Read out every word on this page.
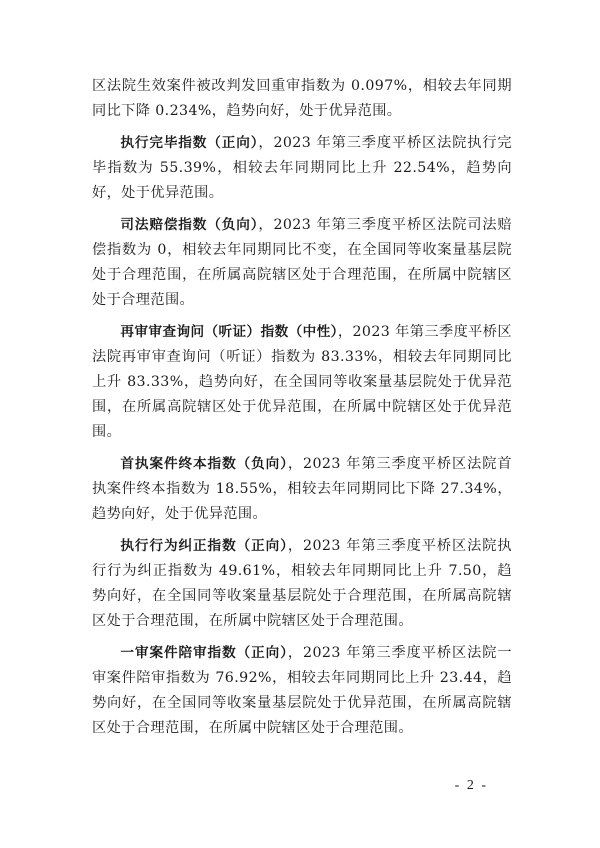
区法院生效案件被改判发回重审指数为 0.097%，相较去年同期同比下降 0.234%，趋势向好，处于优异范围。

执行完毕指数（正向），2023 年第三季度平桥区法院执行完毕指数为 55.39%，相较去年同期同比上升 22.54%，趋势向好，处于优异范围。

司法赔偿指数（负向），2023 年第三季度平桥区法院司法赔偿指数为 0，相较去年同期同比不变，在全国同等收案量基层院处于合理范围，在所属高院辖区处于合理范围，在所属中院辖区处于合理范围。

再审审查询问（听证）指数（中性），2023 年第三季度平桥区法院再审审查询问（听证）指数为 83.33%，相较去年同期同比上升 83.33%，趋势向好，在全国同等收案量基层院处于优异范围，在所属高院辖区处于优异范围，在所属中院辖区处于优异范围。

首执案件终本指数（负向），2023 年第三季度平桥区法院首执案件终本指数为 18.55%，相较去年同期同比下降 27.34%，趋势向好，处于优异范围。

执行行为纠正指数（正向），2023 年第三季度平桥区法院执行行为纠正指数为 49.61%，相较去年同期同比上升 7.50，趋势向好，在全国同等收案量基层院处于合理范围，在所属高院辖区处于合理范围，在所属中院辖区处于合理范围。

一审案件陪审指数（正向），2023 年第三季度平桥区法院一审案件陪审指数为 76.92%，相较去年同期同比上升 23.44，趋势向好，在全国同等收案量基层院处于优异范围，在所属高院辖区处于合理范围，在所属中院辖区处于合理范围。

- 2 -
